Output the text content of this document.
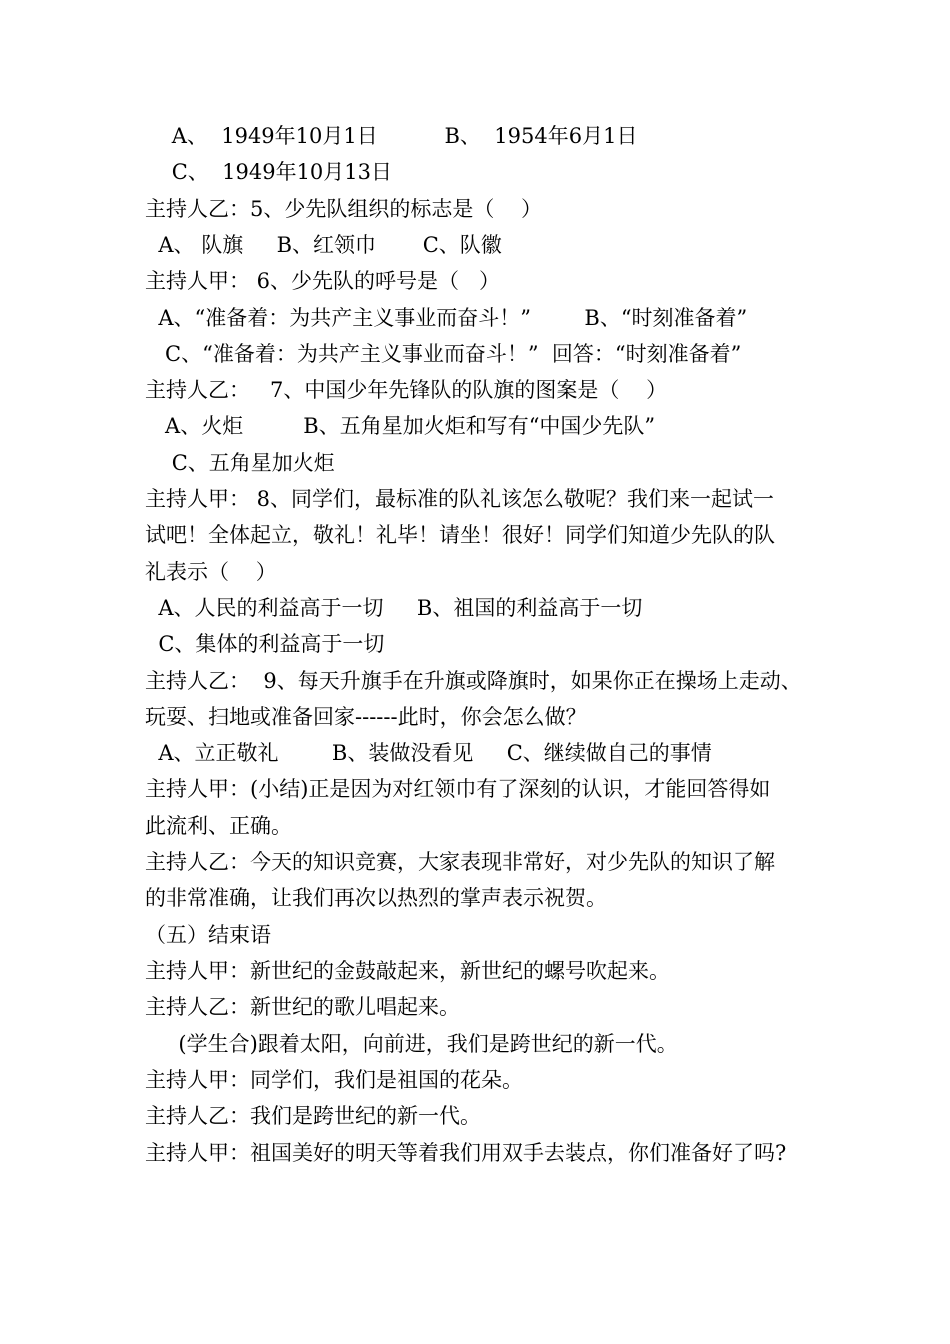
A、  1949年10月1日          B、  1954年6月1日
C、  1949年10月13日
主持人乙：5、少先队组织的标志是（    ）
A、 队旗     B、红领巾       C、队徽
主持人甲： 6、少先队的呼号是（   ）
A、“准备着：为共产主义事业而奋斗！”        B、“时刻准备着”
C、“准备着：为共产主义事业而奋斗！”  回答：“时刻准备着”
主持人乙：   7、中国少年先锋队的队旗的图案是（    ）
A、火炬         B、五角星加火炬和写有“中国少先队”
C、五角星加火炬
主持人甲： 8、同学们，最标准的队礼该怎么敬呢？我们来一起试一
试吧！全体起立，敬礼！礼毕！请坐！很好！同学们知道少先队的队
礼表示（    ）
A、人民的利益高于一切     B、祖国的利益高于一切
C、集体的利益高于一切
主持人乙：  9、每天升旗手在升旗或降旗时，如果你正在操场上走动、
玩耍、扫地或准备回家------此时，你会怎么做？
A、立正敬礼        B、装做没看见     C、继续做自己的事情
主持人甲：(小结)正是因为对红领巾有了深刻的认识，才能回答得如
此流利、正确。
主持人乙：今天的知识竞赛，大家表现非常好，对少先队的知识了解
的非常准确，让我们再次以热烈的掌声表示祝贺。
（五）结束语
主持人甲：新世纪的金鼓敲起来，新世纪的螺号吹起来。
主持人乙：新世纪的歌儿唱起来。
(学生合)跟着太阳，向前进，我们是跨世纪的新一代。
主持人甲：同学们，我们是祖国的花朵。
主持人乙：我们是跨世纪的新一代。
主持人甲：祖国美好的明天等着我们用双手去装点，你们准备好了吗?
